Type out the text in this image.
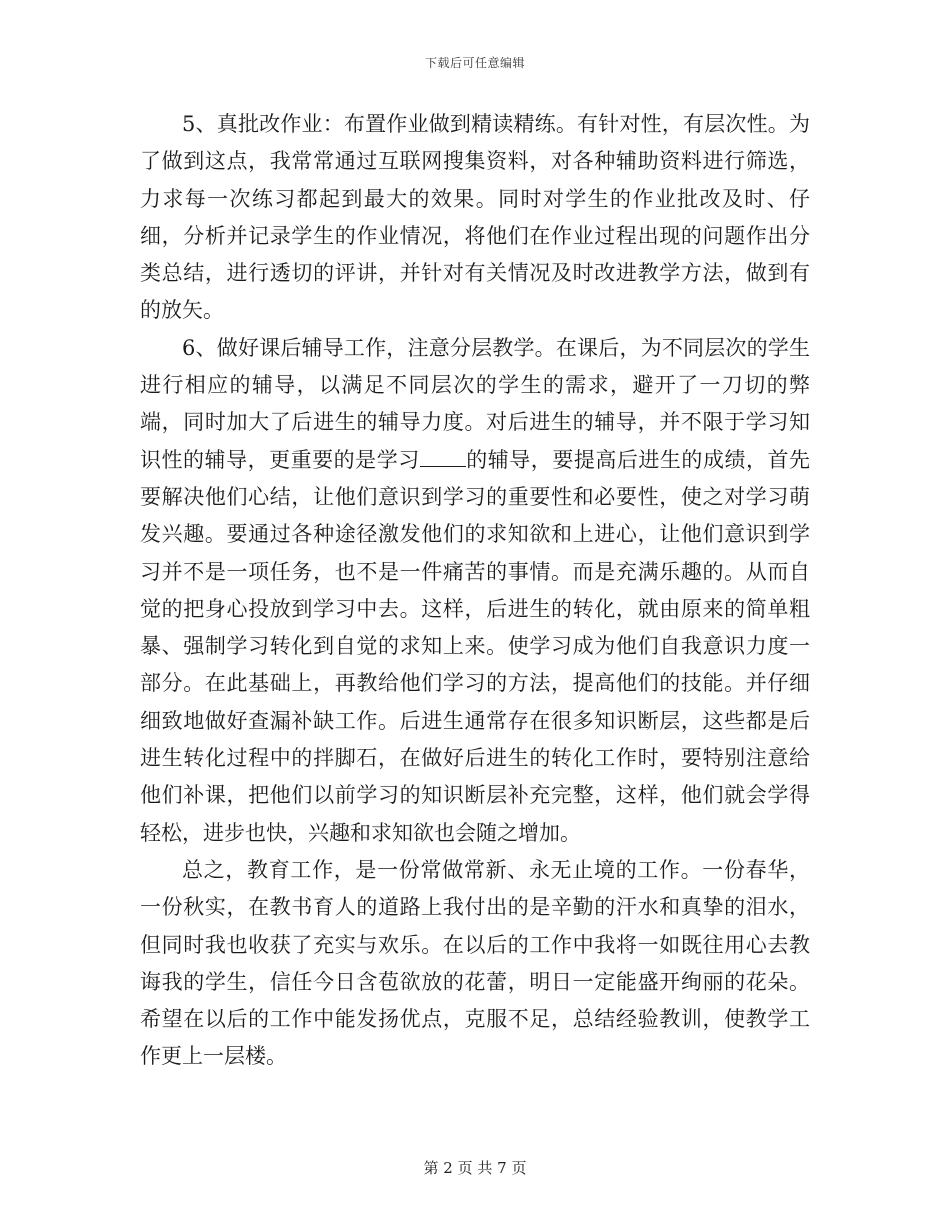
下载后可任意编辑

5、真批改作业：布置作业做到精读精练。有针对性，有层次性。为了做到这点，我常常通过互联网搜集资料，对各种辅助资料进行筛选，力求每一次练习都起到最大的效果。同时对学生的作业批改及时、仔细，分析并记录学生的作业情况，将他们在作业过程出现的问题作出分类总结，进行透切的评讲，并针对有关情况及时改进教学方法，做到有的放矢。

6、做好课后辅导工作，注意分层教学。在课后，为不同层次的学生进行相应的辅导，以满足不同层次的学生的需求，避开了一刀切的弊端，同时加大了后进生的辅导力度。对后进生的辅导，并不限于学习知识性的辅导，更重要的是学习 的辅导，要提高后进生的成绩，首先要解决他们心结，让他们意识到学习的重要性和必要性，使之对学习萌发兴趣。要通过各种途径激发他们的求知欲和上进心，让他们意识到学习并不是一项任务，也不是一件痛苦的事情。而是充满乐趣的。从而自觉的把身心投放到学习中去。这样，后进生的转化，就由原来的简单粗暴、强制学习转化到自觉的求知上来。使学习成为他们自我意识力度一部分。在此基础上，再教给他们学习的方法，提高他们的技能。并仔细细致地做好查漏补缺工作。后进生通常存在很多知识断层，这些都是后进生转化过程中的拌脚石，在做好后进生的转化工作时，要特别注意给他们补课，把他们以前学习的知识断层补充完整，这样，他们就会学得轻松，进步也快，兴趣和求知欲也会随之增加。

总之，教育工作，是一份常做常新、永无止境的工作。一份春华，一份秋实，在教书育人的道路上我付出的是辛勤的汗水和真挚的泪水，但同时我也收获了充实与欢乐。在以后的工作中我将一如既往用心去教诲我的学生，信任今日含苞欲放的花蕾，明日一定能盛开绚丽的花朵。希望在以后的工作中能发扬优点，克服不足，总结经验教训，使教学工作更上一层楼。

第 2 页 共 7 页
